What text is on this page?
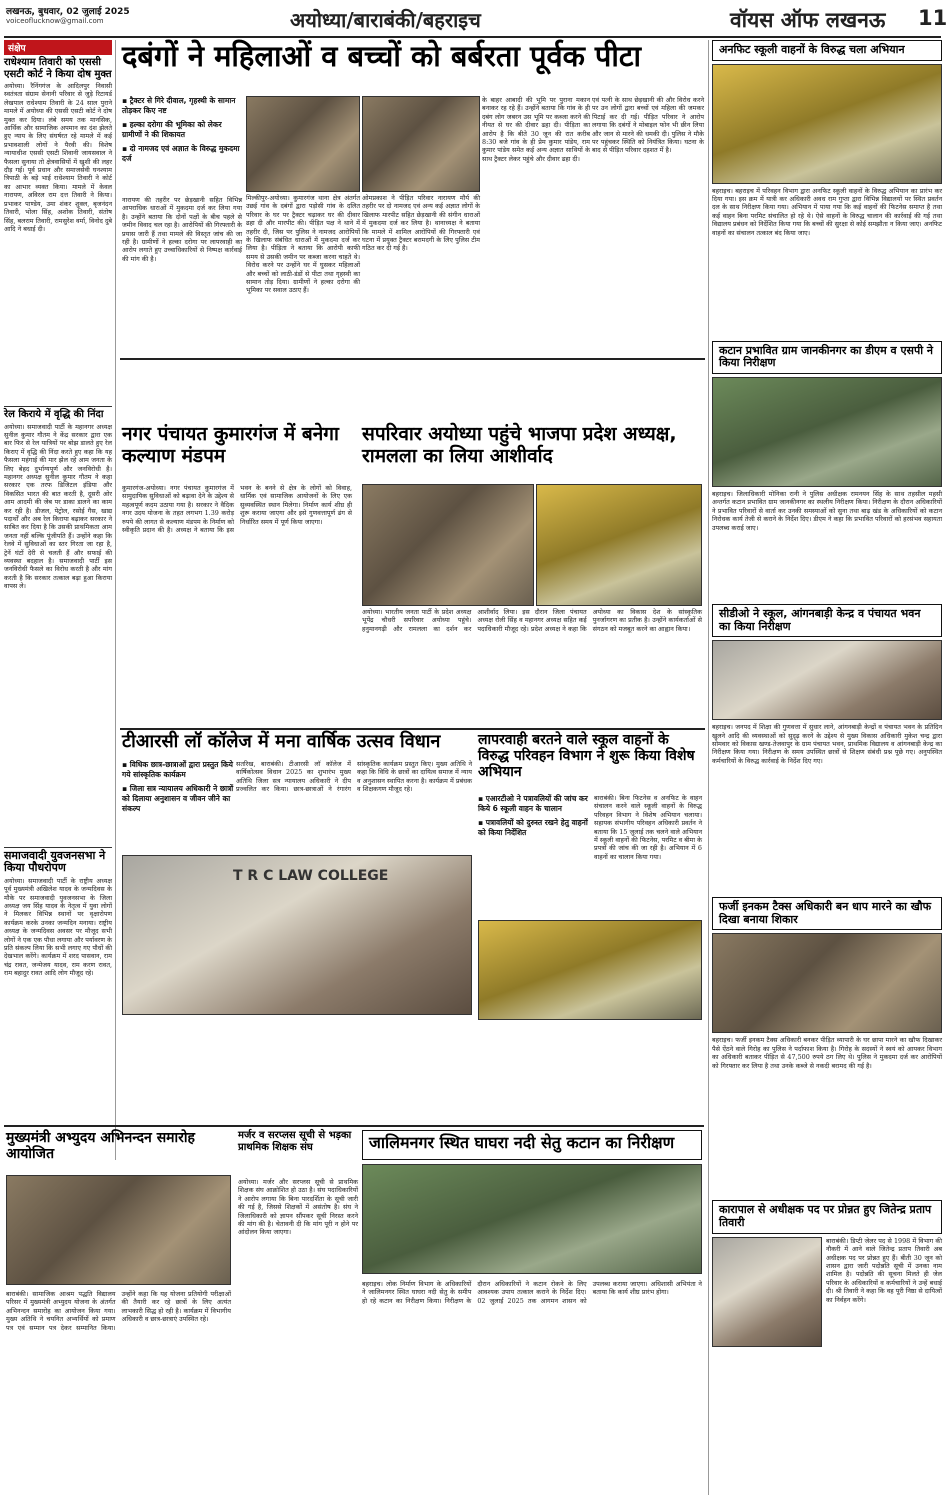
लखनऊ, बुधवार, 02 जुलाई 2025
voiceoflucknow@gmail.com	अयोध्या/बाराबंकी/बहराइच	वॉयस ऑफ लखनऊ	11
संक्षेप
राधेश्याम तिवारी को एससी एसटी कोर्ट ने किया दोष मुक्त
अयोध्या। रैनिंगगंज के आदिलपुर निवासी स्वतंत्रता संग्राम सेनानी परिवार से जुड़े रिटायर्ड लेखपाल राधेश्याम तिवारी के 24 साल पुराने मामले में अयोध्या की एससी एसटी कोर्ट ने दोष मुक्त कर दिया। लंबे समय तक मानसिक, आर्थिक और सामाजिक अपमान का दंश झेलते हुए न्याय के लिए संघर्षरत रहे मामले में कई प्रभावशाली लोगों ने पैरवी की। विशेष न्यायाधीश एससी एसटी शिवानी जायसवाल ने फैसला सुनाया तो क्षेत्रवासियों में खुशी की लहर दौड़ गई। पूर्व प्रधान और समाजसेवी घनश्याम त्रिपाठी के बड़े भाई राधेश्याम तिवारी ने कोर्ट का आभार व्यक्त किया। मामले में केवल नारायण, अविरल राम दत्त तिवारी ने किया। प्रभाकर पाण्डेय, उमा शंकर शुक्ल, बृजनंदन तिवारी, भोला सिंह, अशोक तिवारी, संतोष सिंह, बलराम तिवारी, रामसुरेश वर्मा, विनोद दुबे आदि ने बधाई दी।
रेल किराये में वृद्धि की निंदा
अयोध्या। समाजवादी पार्टी के महानगर अध्यक्ष सुनील कुमार गौतम ने केंद्र सरकार द्वारा एक बार फिर से रेल यात्रियों पर बोझ डालते हुए रेल किराए में वृद्धि की निंदा करते हुए कहा कि यह फैसला महंगाई की मार झेल रहे आम जनता के लिए बेहद दुर्भाग्यपूर्ण और जनविरोधी है। महानगर अध्यक्ष सुनील कुमार गौतम ने कहा सरकार एक तरफ डिजिटल इंडिया और विकसित भारत की बात करती है, दूसरी ओर आम आदमी की जेब पर डाका डालने का काम कर रही है। डीजल, पेट्रोल, रसोई गैस, खाद्य पदार्थों और अब रेल किराया बढ़ाकर सरकार ने साबित कर दिया है कि उसकी प्राथमिकता आम जनता नहीं बल्कि पूंजीपति हैं। उन्होंने कहा कि रेलवे में सुविधाओं का स्तर गिरता जा रहा है, ट्रेनें घंटों देरी से चलती हैं और सफाई की व्यवस्था बदहाल है। समाजवादी पार्टी इस जनविरोधी फैसले का विरोध करती है और मांग करती है कि सरकार तत्काल बढ़ा हुआ किराया वापस ले।
समाजवादी युवजनसभा ने किया पौधरोपण
अयोध्या। समाजवादी पार्टी के राष्ट्रीय अध्यक्ष पूर्व मुख्यमंत्री अखिलेश यादव के जन्मदिवस के मौके पर समाजवादी युवजनसभा के जिला अध्यक्ष जय सिंह यादव के नेतृत्व में युवा लोगों ने मिलकर विभिन्न स्थानों पर वृक्षारोपण कार्यक्रम करके उनका जन्मदिन मनाया। राष्ट्रीय अध्यक्ष के जन्मदिवस अवसर पर मौजूद सभी लोगों ने एक एक पौधा लगाया और पर्यावरण के प्रति संकल्प लिया कि सभी लगाए गए पौधों की देखभाल करेंगे। कार्यक्रम में शरद पासवान, राम चंद्र रावत, जन्मेजय यादव, राम करण रावत, राम बहादुर रावत आदि लोग मौजूद रहे।
दबंगों ने महिलाओं व बच्चों को बर्बरता पूर्वक पीटा
▪ ट्रैक्टर से गिरे दीवाल, गृहस्थी के सामान तोड़कर किए नष्ट
▪ हल्का दरोगा की भूमिका को लेकर ग्रामीणों ने की शिकायत
▪ दो नामजद एवं अज्ञात के विरुद्ध मुकदमा दर्ज
मिल्कीपुर-अयोध्या। कुमारगंज थाना क्षेत्र अंतर्गत उछई गांव के दबंगों द्वारा पड़ोसी गांव के दलित परिवार के घर पर ट्रैक्टर चढ़ाकर घर की दीवार ढहा दी और मारपीट की। पीड़ित पक्ष ने थाने में तहरीर दी, जिस पर पुलिस ने नामजद आरोपियों के खिलाफ संबंधित धाराओं में मुकदमा दर्ज कर लिया है। पीड़िता ने बताया कि आरोपी काफी समय से उसकी जमीन पर कब्जा करना चाहते थे। विरोध करने पर उन्होंने घर में घुसकर महिलाओं और बच्चों को लाठी-डंडों से पीटा तथा गृहस्थी का सामान तोड़ दिया। ग्रामीणों ने हल्का दरोगा की भूमिका पर सवाल उठाए हैं।
ओमप्रकाश ने पीड़ित परिवार नारायण मौर्य की तहरीर पर दो नामजद एवं अन्य कई अज्ञात लोगों के खिलाफ मारपीट सहित छेड़खानी की संगीन धाराओं में मुकदमा दर्ज कर लिया है। थानाध्यक्ष ने बताया कि मामले में शामिल आरोपियों की गिरफ्तारी एवं घटना में प्रयुक्त ट्रैक्टर बरामदगी के लिए पुलिस टीम गठित कर दी गई है।
के बाहर आबादी की भूमि पर पुराना मकान बनाकर रह रहे हैं। उन्होंने बताया कि गांव के ही दबंग लोग जबरन उस भूमि पर कब्जा करने की नीयत से घर की दीवार ढहा दी। पीड़िता का आरोप है कि बीते 30 जून की रात करीब 8:30 बजे गांव के ही प्रेम कुमार पांडेय, राम कुमार पांडेय समेत कई अन्य अज्ञात साथियों के साथ ट्रैक्टर लेकर पहुंचे और दीवार ढहा दी।
एवं पत्नी के साथ छेड़खानी की और विरोध करने पर उन लोगों द्वारा बच्चों एवं महिला की जमकर पिटाई कर दी गई। पीड़ित परिवार ने आरोप लगाया कि दबंगों ने मोबाइल फोन भी छीन लिया और जान से मारने की धमकी दी। पुलिस ने मौके पर पहुंचकर स्थिति को नियंत्रित किया। घटना के बाद से पीड़ित परिवार दहशत में है।
नारायण की तहरीर पर छेड़खानी सहित विभिन्न आपराधिक धाराओं में मुकदमा दर्ज कर लिया गया है। उन्होंने बताया कि दोनों पक्षों के बीच पहले से जमीन विवाद चल रहा है। आरोपियों की गिरफ्तारी के प्रयास जारी हैं तथा मामले की विस्तृत जांच की जा रही है। ग्रामीणों ने हल्का दरोगा पर लापरवाही का आरोप लगाते हुए उच्चाधिकारियों से निष्पक्ष कार्रवाई की मांग की है।
अनफिट स्कूली वाहनों के विरुद्ध चला अभियान
बहराइच। बहराइच में परिवहन विभाग द्वारा अनफिट स्कूली वाहनों के विरुद्ध अभियान का प्रारंभ कर दिया गया। इस क्रम में यात्री कर अधिकारी अवध राम गुप्ता द्वारा विभिन्न विद्यालयों पर स्थित प्रवर्तन दल के साथ निरीक्षण किया गया। अभियान में पाया गया कि कई वाहनों की फिटनेस समाप्त है तथा कई वाहन बिना परमिट संचालित हो रहे थे। ऐसे वाहनों के विरुद्ध चालान की कार्रवाई की गई तथा विद्यालय प्रबंधन को निर्देशित किया गया कि बच्चों की सुरक्षा से कोई समझौता न किया जाए। अनफिट वाहनों का संचालन तत्काल बंद किया जाए।
कटान प्रभावित ग्राम जानकीनगर का डीएम व एसपी ने किया निरीक्षण
बहराइच। जिलाधिकारी मोनिका रानी ने पुलिस अधीक्षक रामनयन सिंह के साथ तहसील महसी अन्तर्गत कटान प्रभावित ग्राम जानकीनगर का स्थलीय निरीक्षण किया। निरीक्षण के दौरान अधिकारियों ने प्रभावित परिवारों से वार्ता कर उनकी समस्याओं को सुना तथा बाढ़ खंड के अधिकारियों को कटान निरोधक कार्य तेजी से कराने के निर्देश दिए। डीएम ने कहा कि प्रभावित परिवारों को हरसंभव सहायता उपलब्ध कराई जाए।
सीडीओ ने स्कूल, आंगनबाड़ी केन्द्र व पंचायत भवन का किया निरीक्षण
बहराइच। जनपद में शिक्षा की गुणवत्ता में सुधार लाने, आंगनबाड़ी केन्द्रों व पंचायत भवन के प्रतिदिन खुलने आदि की व्यवस्थाओं को सुदृढ़ करने के उद्देश्य से मुख्य विकास अधिकारी मुकेश चन्द्र द्वारा सोमवार को विकास खण्ड-तेजवापुर के ग्राम पंचायत भवन, प्राथमिक विद्यालय व आंगनबाड़ी केन्द्र का निरीक्षण किया गया। निरीक्षण के समय उपस्थित छात्रों से शिक्षण संबंधी प्रश्न पूछे गए। अनुपस्थित कर्मचारियों के विरुद्ध कार्रवाई के निर्देश दिए गए।
फर्जी इनकम टैक्स अधिकारी बन धाप मारने का खौफ दिखा बनाया शिकार
बहराइच। फर्जी इनकम टैक्स अधिकारी बनकर पीड़ित व्यापारी के घर छापा मारने का खौफ दिखाकर पैसे ऐंठने वाले गिरोह का पुलिस ने पर्दाफाश किया है। गिरोह के सदस्यों ने स्वयं को आयकर विभाग का अधिकारी बताकर पीड़ित से 47,500 रुपये ठग लिए थे। पुलिस ने मुकदमा दर्ज कर आरोपियों को गिरफ्तार कर लिया है तथा उनके कब्जे से नकदी बरामद की गई है।
कारापाल से अधीक्षक पद पर प्रोन्नत हुए जितेन्द्र प्रताप तिवारी
बाराबंकी। डिप्टी जेलर पद से 1998 में विभाग की नौकरी में आने वाले जितेन्द्र प्रताप तिवारी अब अधीक्षक पद पर प्रोन्नत हुए हैं। बीती 30 जून को शासन द्वारा जारी पदोन्नति सूची में उनका नाम शामिल है। पदोन्नति की सूचना मिलते ही जेल परिवार के अधिकारियों व कर्मचारियों ने उन्हें बधाई दी। श्री तिवारी ने कहा कि वह पूरी निष्ठा से दायित्वों का निर्वहन करेंगे।
नगर पंचायत कुमारगंज में बनेगा कल्याण मंडपम
कुमारगंज-अयोध्या। नगर पंचायत कुमारगंज में सामुदायिक सुविधाओं को बढ़ावा देने के उद्देश्य से महत्वपूर्ण कदम उठाया गया है। सरकार ने वैदिक नगर उदय योजना के तहत लगभग 1.39 करोड़ रुपये की लागत से कल्याण मंडपम के निर्माण को स्वीकृति प्रदान की है। अध्यक्ष ने बताया कि इस भवन के बनने से क्षेत्र के लोगों को विवाह, धार्मिक एवं सामाजिक आयोजनों के लिए एक सुव्यवस्थित स्थान मिलेगा। निर्माण कार्य शीघ्र ही शुरू कराया जाएगा और इसे गुणवत्तापूर्ण ढंग से निर्धारित समय में पूर्ण किया जाएगा।
सपरिवार अयोध्या पहुंचे भाजपा प्रदेश अध्यक्ष, रामलला का लिया आशीर्वाद
अयोध्या। भारतीय जनता पार्टी के प्रदेश अध्यक्ष भूपेंद्र चौधरी सपरिवार अयोध्या पहुंचे। हनुमानगढ़ी और रामलला का दर्शन कर आशीर्वाद लिया। इस दौरान जिला पंचायत अध्यक्ष रोली सिंह व महानगर अध्यक्ष सहित कई पदाधिकारी मौजूद रहे। प्रदेश अध्यक्ष ने कहा कि अयोध्या का विकास देश के सांस्कृतिक पुनर्जागरण का प्रतीक है। उन्होंने कार्यकर्ताओं से संगठन को मजबूत करने का आह्वान किया।
टीआरसी लॉ कॉलेज में मना वार्षिक उत्सव विधान
▪ विधिक छात्र-छात्राओं द्वारा प्रस्तुत किये गये सांस्कृतिक कार्यक्रम
▪ जिला सत्र न्यायालय अधिकारी ने छात्रों को दिलाया अनुशासन व जीवन जीने का संकल्प
सतरिख, बाराबंकी। टीआरसी लॉ कॉलेज में वार्षिकोत्सव विधान 2025 का शुभारंभ मुख्य अतिथि जिला सत्र न्यायालय अधिकारी ने दीप प्रज्वलित कर किया। छात्र-छात्राओं ने रंगारंग सांस्कृतिक कार्यक्रम प्रस्तुत किए। मुख्य अतिथि ने कहा कि विधि के छात्रों का दायित्व समाज में न्याय व अनुशासन स्थापित करना है। कार्यक्रम में प्रबंधक व शिक्षकगण मौजूद रहे।
T R C LAW COLLEGE
लापरवाही बरतने वाले स्कूल वाहनों के विरुद्ध परिवहन विभाग ने शुरू किया विशेष अभियान
▪ एआरटीओ ने पत्रावलियों की जांच कर किये 6 स्कूली वाहन के चालान
▪ पत्रावलियों को दुरुस्त रखने हेतु वाहनों को किया निर्देशित
बाराबंकी। बिना फिटनेस व अनफिट के वाहन संचालन करने वाले स्कूली वाहनों के विरुद्ध परिवहन विभाग ने विशेष अभियान चलाया। सहायक संभागीय परिवहन अधिकारी प्रवर्तन ने बताया कि 15 जुलाई तक चलने वाले अभियान में स्कूली वाहनों की फिटनेस, परमिट व बीमा के प्रपत्रों की जांच की जा रही है। अभियान में 6 वाहनों का चालान किया गया।
मुख्यमंत्री अभ्युदय अभिनन्दन समारोह आयोजित
बाराबंकी। सामाजिक आश्रम पद्धति विद्यालय परिसर में मुख्यमंत्री अभ्युदय योजना के अंतर्गत अभिनन्दन समारोह का आयोजन किया गया। मुख्य अतिथि ने चयनित अभ्यर्थियों को प्रमाण पत्र एवं सम्मान पत्र देकर सम्मानित किया। उन्होंने कहा कि यह योजना प्रतियोगी परीक्षाओं की तैयारी कर रहे छात्रों के लिए अत्यंत लाभकारी सिद्ध हो रही है। कार्यक्रम में विभागीय अधिकारी व छात्र-छात्राएं उपस्थित रहे।
मर्जर व सरप्लस सूची से भड़का प्राथमिक शिक्षक संघ
अयोध्या। मर्जर और सरप्लस सूची से प्राथमिक शिक्षक संघ आक्रोशित हो उठा है। संघ पदाधिकारियों ने आरोप लगाया कि बिना पारदर्शिता के सूची जारी की गई है, जिससे शिक्षकों में असंतोष है। संघ ने जिलाधिकारी को ज्ञापन सौंपकर सूची निरस्त करने की मांग की है। चेतावनी दी कि मांग पूरी न होने पर आंदोलन किया जाएगा।
जालिमनगर स्थित घाघरा नदी सेतु कटान का निरीक्षण
बहराइच। लोक निर्माण विभाग के अधिकारियों ने जालिमनगर स्थित घाघरा नदी सेतु के समीप हो रहे कटान का निरीक्षण किया। निरीक्षण के दौरान अधिकारियों ने कटान रोकने के लिए आवश्यक उपाय तत्काल कराने के निर्देश दिए। 02 जुलाई 2025 तक आगमन शासन को उपलब्ध कराया जाएगा। अधिशासी अभियंता ने बताया कि कार्य शीघ्र प्रारंभ होगा।
